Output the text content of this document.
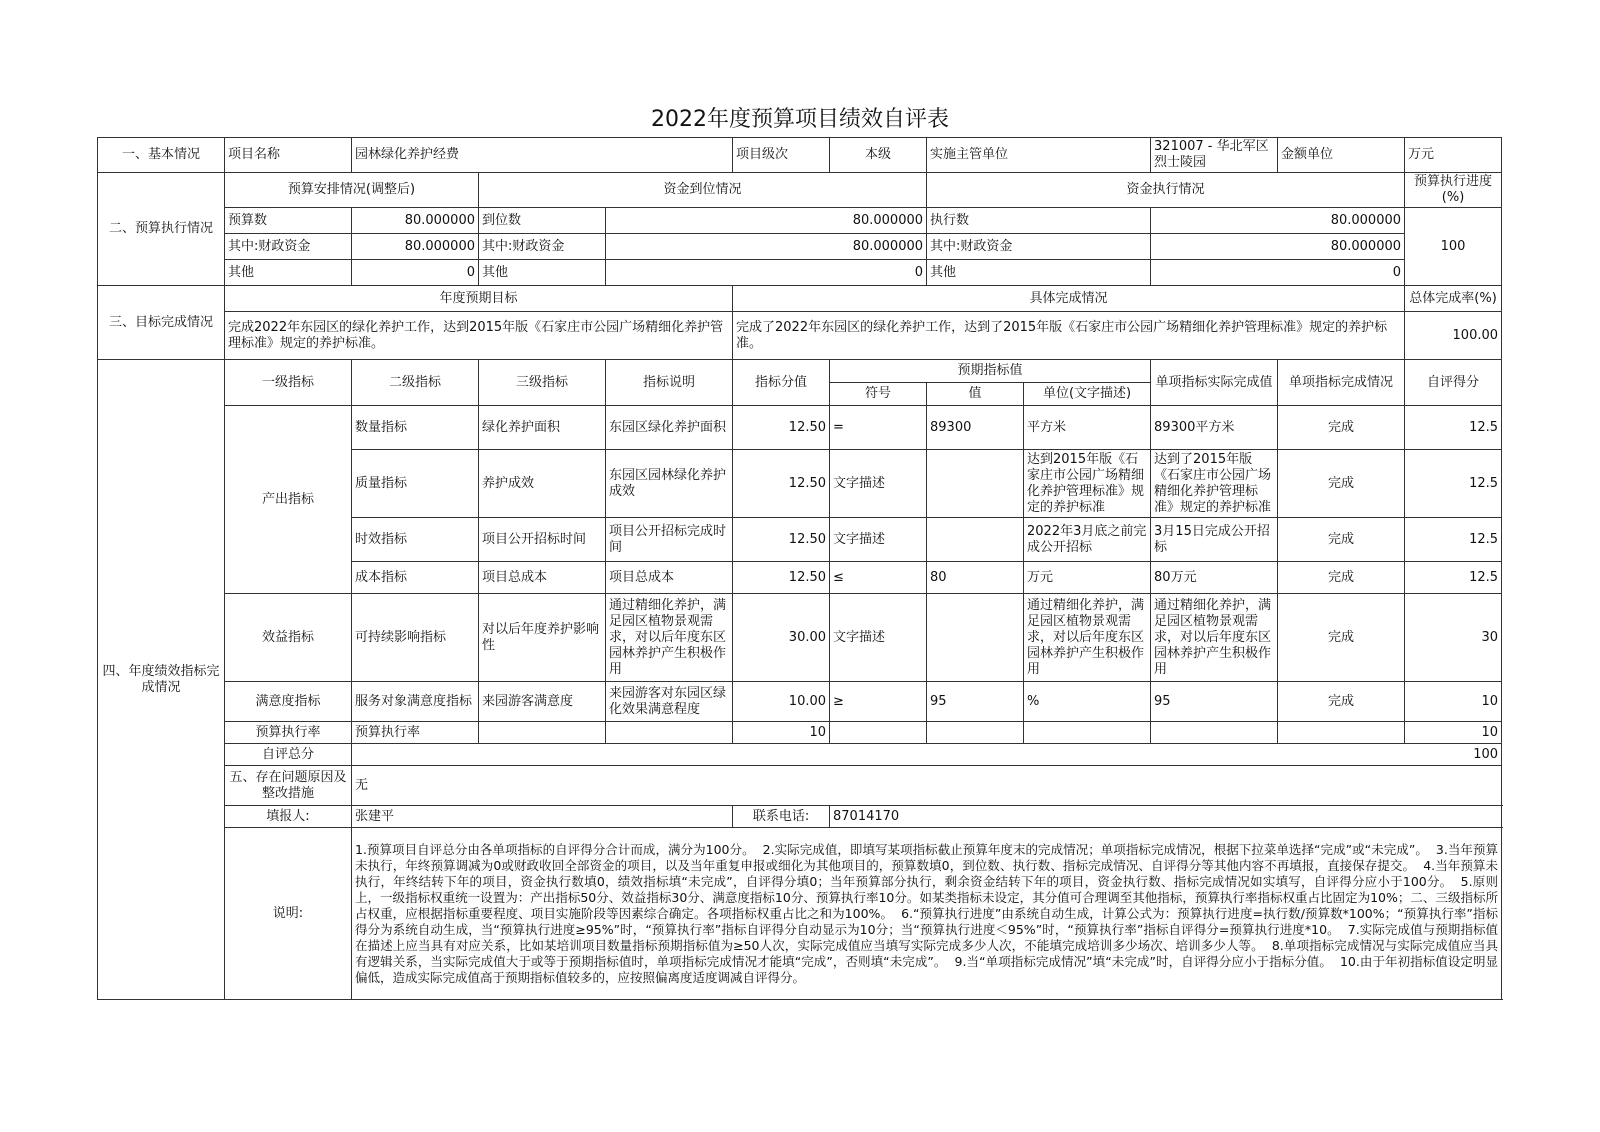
2022年度预算项目绩效自评表
一、基本情况	项目名称	园林绿化养护经费			项目级次	本级	实施主管单位		321007 - 华北军区烈士陵园	金额单位	万元
二、预算执行情况	预算安排情况(调整后)		资金到位情况				资金执行情况				预算执行进度(%)
	预算数	80.000000	到位数	80.000000			执行数		80.000000		100
	其中:财政资金	80.000000	其中:财政资金	80.000000			其中:财政资金		80.000000		
	其他	0	其他	0			其他		0		
三、目标完成情况	年度预期目标				具体完成情况						总体完成率(%)
	完成2022年东园区的绿化养护工作，达到2015年版《石家庄市公园广场精细化养护管理标准》规定的养护标准。				完成了2022年东园区的绿化养护工作，达到了2015年版《石家庄市公园广场精细化养护管理标准》规定的养护标准。						100.00
四、年度绩效指标完成情况	一级指标	二级指标	三级指标	指标说明	指标分值	预期指标值			单项指标实际完成值	单项指标完成情况	自评得分
						符号	值	单位(文字描述)			
	产出指标	数量指标	绿化养护面积	东园区绿化养护面积	12.50	=	89300	平方米	89300平方米	完成	12.5
		质量指标	养护成效	东园区园林绿化养护成效	12.50	文字描述		达到2015年版《石家庄市公园广场精细化养护管理标准》规定的养护标准	达到了2015年版《石家庄市公园广场精细化养护管理标准》规定的养护标准	完成	12.5
		时效指标	项目公开招标时间	项目公开招标完成时间	12.50	文字描述		2022年3月底之前完成公开招标	3月15日完成公开招标	完成	12.5
		成本指标	项目总成本	项目总成本	12.50	≤	80	万元	80万元	完成	12.5
	效益指标	可持续影响指标	对以后年度养护影响性	通过精细化养护，满足园区植物景观需求，对以后年度东区园林养护产生积极作用	30.00	文字描述		通过精细化养护，满足园区植物景观需求，对以后年度东区园林养护产生积极作用	通过精细化养护，满足园区植物景观需求，对以后年度东区园林养护产生积极作用	完成	30
	满意度指标	服务对象满意度指标	来园游客满意度	来园游客对东园区绿化效果满意程度	10.00	≥	95	%	95	完成	10
	预算执行率	预算执行率			10						10
	自评总分	100									
	五、存在问题原因及整改措施	无									
	填报人:	张建平			联系电话:	87014170					
	说明:	1.预算项目自评总分由各单项指标的自评得分合计而成，满分为100分。 2.实际完成值，即填写某项指标截止预算年度末的完成情况；单项指标完成情况，根据下拉菜单选择“完成”或“未完成”。 3.当年预算未执行，年终预算调减为0或财政收回全部资金的项目，以及当年重复申报或细化为其他项目的，预算数填0，到位数、执行数、指标完成情况、自评得分等其他内容不再填报，直接保存提交。 4.当年预算未执行，年终结转下年的项目，资金执行数填0，绩效指标填“未完成”，自评得分填0；当年预算部分执行，剩余资金结转下年的项目，资金执行数、指标完成情况如实填写，自评得分应小于100分。 5.原则上，一级指标权重统一设置为：产出指标50分、效益指标30分、满意度指标10分、预算执行率10分。如某类指标未设定，其分值可合理调至其他指标，预算执行率指标权重占比固定为10%；二、三级指标所占权重，应根据指标重要程度、项目实施阶段等因素综合确定。各项指标权重占比之和为100%。 6.“预算执行进度”由系统自动生成，计算公式为：预算执行进度=执行数/预算数*100%；“预算执行率”指标得分为系统自动生成，当“预算执行进度≥95%”时，“预算执行率”指标自评得分自动显示为10分；当“预算执行进度＜95%”时，“预算执行率”指标自评得分=预算执行进度*10。 7.实际完成值与预期指标值在描述上应当具有对应关系，比如某培训项目数量指标预期指标值为≥50人次，实际完成值应当填写实际完成多少人次，不能填完成培训多少场次、培训多少人等。 8.单项指标完成情况与实际完成值应当具有逻辑关系，当实际完成值大于或等于预期指标值时，单项指标完成情况才能填“完成”，否则填“未完成”。 9.当“单项指标完成情况”填“未完成”时，自评得分应小于指标分值。 10.由于年初指标值设定明显偏低，造成实际完成值高于预期指标值较多的，应按照偏离度适度调减自评得分。									
